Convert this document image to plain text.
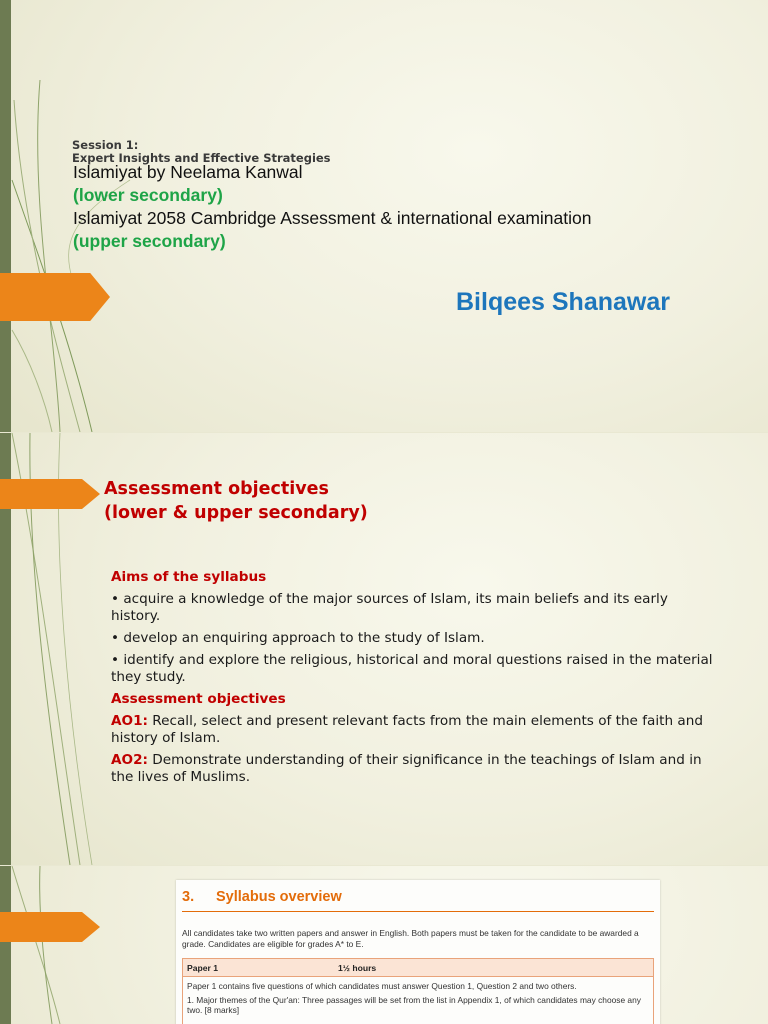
Session 1:
Expert Insights and Effective Strategies

Islamiyat by Neelama Kanwal

(lower secondary)

Islamiyat 2058 Cambridge Assessment & international examination

(upper secondary)

Bilqees Shanawar

Assessment objectives
(lower & upper secondary)

Aims of the syllabus

• acquire a knowledge of the major sources of Islam, its main beliefs and its early history.

• develop an enquiring approach to the study of Islam.

• identify and explore the religious, historical and moral questions raised in the material they study.

Assessment objectives

AO1: Recall, select and present relevant facts from the main elements of the faith and history of Islam.

AO2: Demonstrate understanding of their significance in the teachings of Islam and in the lives of Muslims.

3. Syllabus overview

All candidates take two written papers and answer in English. Both papers must be taken for the candidate to be awarded a grade. Candidates are eligible for grades A* to E.

Paper 1	1½ hours
Paper 1 contains five questions of which candidates must answer Question 1, Question 2 and two others.
1. Major themes of the Qur'an: Three passages will be set from the list in Appendix 1, of which candidates may choose any two. [8 marks]
